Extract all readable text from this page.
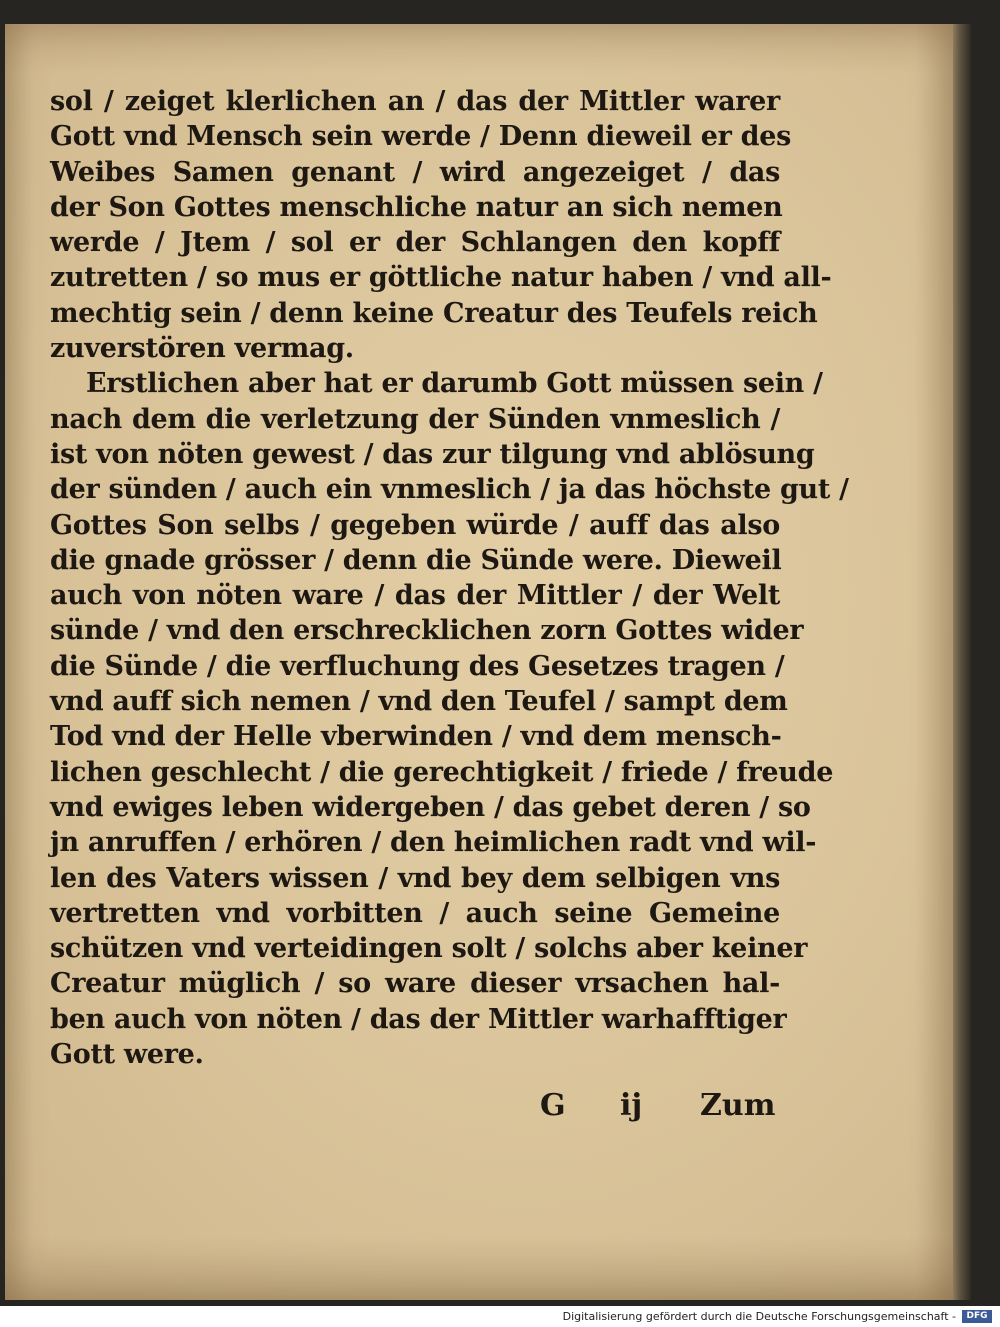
sol / zeiget klerlichen an / das der Mittler warer
Gott vnd Mensch sein werde / Denn dieweil er des
Weibes Samen genant / wird angezeiget / das
der Son Gottes menschliche natur an sich nemen
werde / Jtem / sol er der Schlangen den kopff
zutretten / so mus er göttliche natur haben / vnd all-
mechtig sein / denn keine Creatur des Teufels reich
zuverstören vermag.
Erstlichen aber hat er darumb Gott müssen sein /
nach dem die verletzung der Sünden vnmeslich /
ist von nöten gewest / das zur tilgung vnd ablösung
der sünden / auch ein vnmeslich / ja das höchste gut /
Gottes Son selbs / gegeben würde / auff das also
die gnade grösser / denn die Sünde were. Dieweil
auch von nöten ware / das der Mittler / der Welt
sünde / vnd den erschrecklichen zorn Gottes wider
die Sünde / die verfluchung des Gesetzes tragen /
vnd auff sich nemen / vnd den Teufel / sampt dem
Tod vnd der Helle vberwinden / vnd dem mensch-
lichen geschlecht / die gerechtigkeit / friede / freude
vnd ewiges leben widergeben / das gebet deren / so
jn anruffen / erhören / den heimlichen radt vnd wil-
len des Vaters wissen / vnd bey dem selbigen vns
vertretten vnd vorbitten / auch seine Gemeine
schützen vnd verteidingen solt / solchs aber keiner
Creatur müglich / so ware dieser vrsachen hal-
ben auch von nöten / das der Mittler warhafftiger
Gott were.
G ij Zum
Digitalisierung gefördert durch die Deutsche Forschungsgemeinschaft -	DFG
